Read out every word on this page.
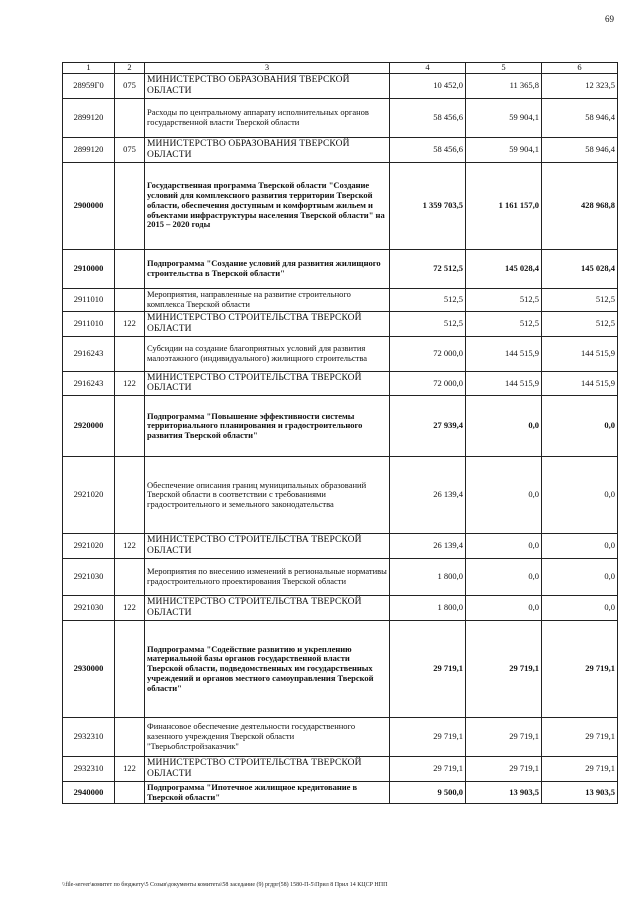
69
1	2	3	4	5	6
28959Г0	075	МИНИСТЕРСТВО ОБРАЗОВАНИЯ ТВЕРСКОЙ ОБЛАСТИ	10 452,0	11 365,8	12 323,5
2899120		Расходы по центральному аппарату исполнительных органов государственной власти Тверской области	58 456,6	59 904,1	58 946,4
2899120	075	МИНИСТЕРСТВО ОБРАЗОВАНИЯ ТВЕРСКОЙ ОБЛАСТИ	58 456,6	59 904,1	58 946,4
2900000		Государственная программа Тверской области "Создание условий для комплексного развития территории Тверской области, обеспечения доступным и комфортным жильем и объектами инфраструктуры населения Тверской области" на 2015 – 2020 годы	1 359 703,5	1 161 157,0	428 968,8
2910000		Подпрограмма "Создание условий для развития жилищного строительства в Тверской области"	72 512,5	145 028,4	145 028,4
2911010		Мероприятия, направленные на развитие строительного комплекса Тверской области	512,5	512,5	512,5
2911010	122	МИНИСТЕРСТВО СТРОИТЕЛЬСТВА ТВЕРСКОЙ ОБЛАСТИ	512,5	512,5	512,5
2916243		Субсидии на создание благоприятных условий для развития малоэтажного (индивидуального) жилищного строительства	72 000,0	144 515,9	144 515,9
2916243	122	МИНИСТЕРСТВО СТРОИТЕЛЬСТВА ТВЕРСКОЙ ОБЛАСТИ	72 000,0	144 515,9	144 515,9
2920000		Подпрограмма "Повышение эффективности системы территориального планирования и градостроительного развития Тверской области"	27 939,4	0,0	0,0
2921020		Обеспечение описания границ муниципальных образований Тверской области в соответствии с требованиями градостроительного и земельного законодательства	26 139,4	0,0	0,0
2921020	122	МИНИСТЕРСТВО СТРОИТЕЛЬСТВА ТВЕРСКОЙ ОБЛАСТИ	26 139,4	0,0	0,0
2921030		Мероприятия по внесению изменений в региональные нормативы градостроительного проектирования Тверской области	1 800,0	0,0	0,0
2921030	122	МИНИСТЕРСТВО СТРОИТЕЛЬСТВА ТВЕРСКОЙ ОБЛАСТИ	1 800,0	0,0	0,0
2930000		Подпрограмма "Содействие развитию и укреплению материальной базы органов государственной власти Тверской области, подведомственных им государственных учреждений и органов местного самоуправления Тверской области"	29 719,1	29 719,1	29 719,1
2932310		Финансовое обеспечение деятельности государственного казенного учреждения Тверской области "Тверьоблстройзаказчик"	29 719,1	29 719,1	29 719,1
2932310	122	МИНИСТЕРСТВО СТРОИТЕЛЬСТВА ТВЕРСКОЙ ОБЛАСТИ	29 719,1	29 719,1	29 719,1
2940000		Подпрограмма "Ипотечное жилищное кредитование в Тверской области"	9 500,0	13 903,5	13 903,5
\\file-server\комитет по бюджету\5 Созыв\документы комитета\58 заседание (9) ргдрг(58) 1580-П-5\Прил 8 Прил 14 КЦСР НПП
